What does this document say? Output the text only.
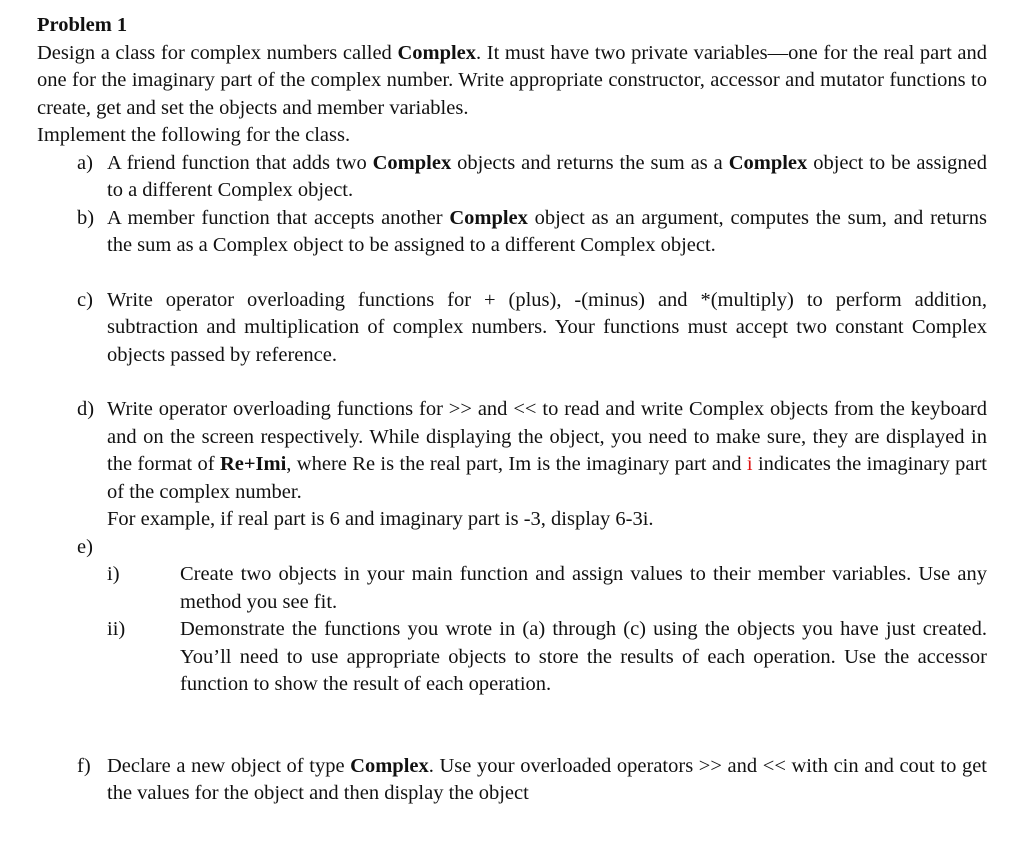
Problem 1
Design a class for complex numbers called Complex. It must have two private variables—one for the real part and one for the imaginary part of the complex number. Write appropriate constructor, accessor and mutator functions to create, get and set the objects and member variables.
Implement the following for the class.
a) A friend function that adds two Complex objects and returns the sum as a Complex object to be assigned to a different Complex object.
b) A member function that accepts another Complex object as an argument, computes the sum, and returns the sum as a Complex object to be assigned to a different Complex object.
c) Write operator overloading functions for + (plus), -(minus) and *(multiply) to perform addition, subtraction and multiplication of complex numbers. Your functions must accept two constant Complex objects passed by reference.
d) Write operator overloading functions for >> and << to read and write Complex objects from the keyboard and on the screen respectively. While displaying the object, you need to make sure, they are displayed in the format of Re+Imi, where Re is the real part, Im is the imaginary part and i indicates the imaginary part of the complex number.
For example, if real part is 6 and imaginary part is -3, display 6-3i.
e)

i)	Create two objects in your main function and assign values to their member variables. Use any method you see fit.
ii)	Demonstrate the functions you wrote in (a) through (c) using the objects you have just created. You’ll need to use appropriate objects to store the results of each operation. Use the accessor function to show the result of each operation.
f) Declare a new object of type Complex. Use your overloaded operators >> and << with cin and cout to get the values for the object and then display the object
